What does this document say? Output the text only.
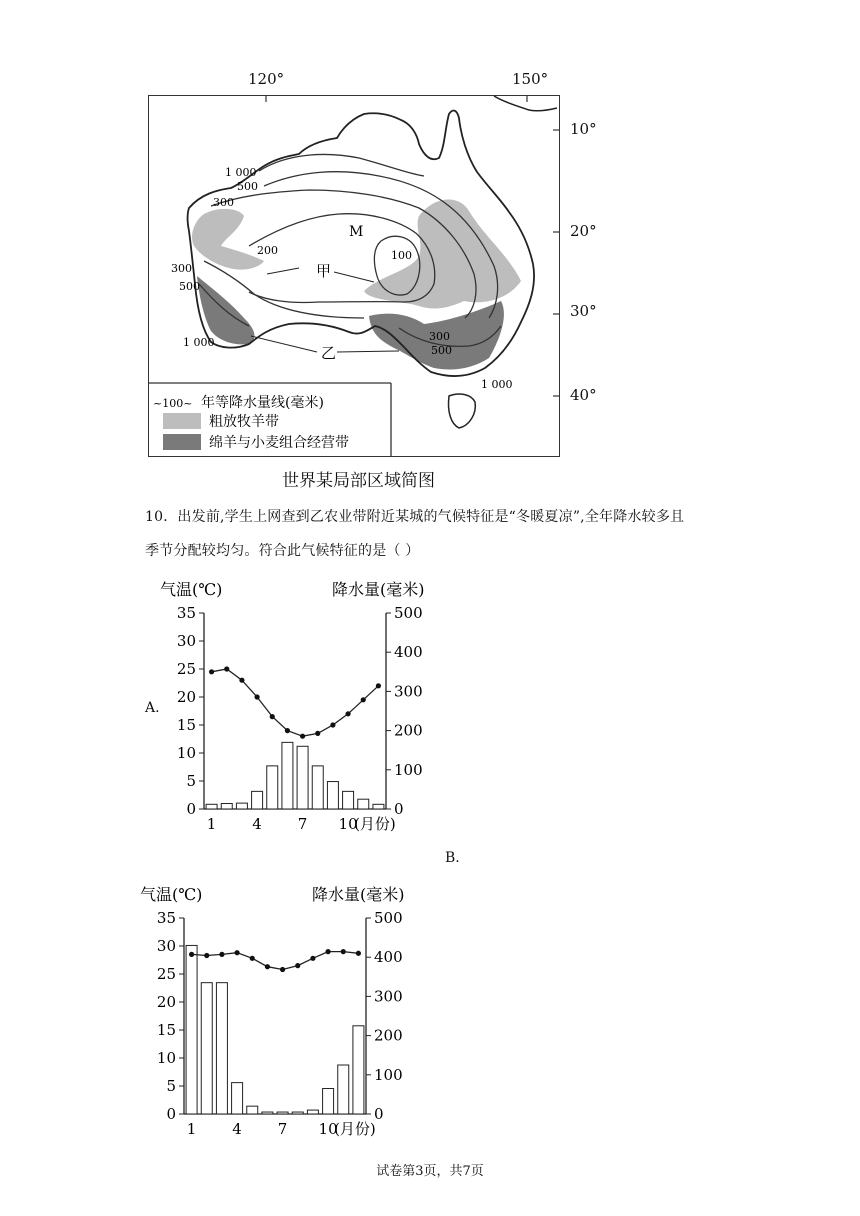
120°	150°
10°
20°
30°
40°
1 000
500
300
200	100
300
500
1 000	300
500
1 000
M
甲
乙
~100~ 年等降水量线(毫米)
粗放牧羊带
绵羊与小麦组合经营带
世界某局部区域简图
10．出发前,学生上网查到乙农业带附近某城的气候特征是“冬暖夏凉”,全年降水较多且
季节分配较均匀。符合此气候特征的是（ ）
A.
气温(℃)	降水量(毫米)
0
5
10
15
20
25
30
35
0
100
200
300
400
500
1 4 7 10
(月份)
B.
气温(℃)	降水量(毫米)
0
5
10
15
20
25
30
35
0
100
200
300
400
500
1 4 7 10
(月份)
试卷第3页，共7页
